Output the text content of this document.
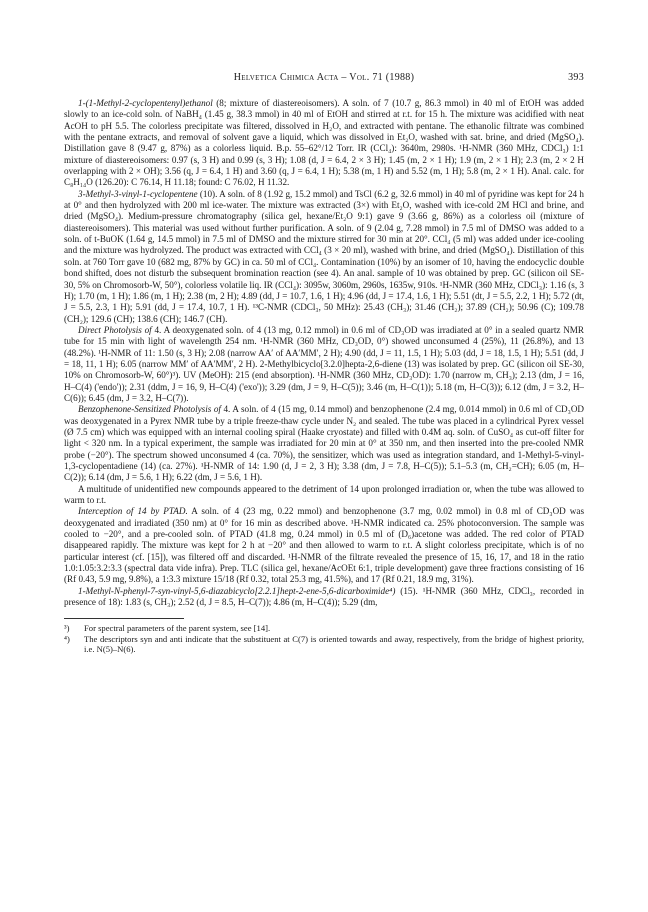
Helvetica Chimica Acta – Vol. 71 (1988)	393

1-(1-Methyl-2-cyclopentenyl)ethanol (8; mixture of diastereoisomers). A soln. of 7 (10.7 g, 86.3 mmol) in 40 ml of EtOH was added slowly to an ice-cold soln. of NaBH₄ (1.45 g, 38.3 mmol) in 40 ml of EtOH and stirred at r.t. for 15 h. The mixture was acidified with neat AcOH to pH 5.5. The colorless precipitate was filtered, dissolved in H₂O, and extracted with pentane. The ethanolic filtrate was combined with the pentane extracts, and removal of solvent gave a liquid, which was dissolved in Et₂O, washed with sat. brine, and dried (MgSO₄). Distillation gave 8 (9.47 g, 87%) as a colorless liquid. B.p. 55–62°/12 Torr. IR (CCl₄): 3640m, 2980s. ¹H-NMR (360 MHz, CDCl₃) 1:1 mixture of diastereoisomers: 0.97 (s, 3 H) and 0.99 (s, 3 H); 1.08 (d, J = 6.4, 2 × 3 H); 1.45 (m, 2 × 1 H); 1.9 (m, 2 × 1 H); 2.3 (m, 2 × 2 H overlapping with 2 × OH); 3.56 (q, J = 6.4, 1 H) and 3.60 (q, J = 6.4, 1 H); 5.38 (m, 1 H) and 5.52 (m, 1 H); 5.8 (m, 2 × 1 H). Anal. calc. for C₈H₁₄O (126.20): C 76.14, H 11.18; found: C 76.02, H 11.32.

3-Methyl-3-vinyl-1-cyclopentene (10). A soln. of 8 (1.92 g, 15.2 mmol) and TsCl (6.2 g, 32.6 mmol) in 40 ml of pyridine was kept for 24 h at 0° and then hydrolyzed with 200 ml ice-water. The mixture was extracted (3×) with Et₂O, washed with ice-cold 2M HCl and brine, and dried (MgSO₄). Medium-pressure chromatography (silica gel, hexane/Et₂O 9:1) gave 9 (3.66 g, 86%) as a colorless oil (mixture of diastereoisomers). This material was used without further purification. A soln. of 9 (2.04 g, 7.28 mmol) in 7.5 ml of DMSO was added to a soln. of t-BuOK (1.64 g, 14.5 mmol) in 7.5 ml of DMSO and the mixture stirred for 30 min at 20°. CCl₄ (5 ml) was added under ice-cooling and the mixture was hydrolyzed. The product was extracted with CCl₄ (3 × 20 ml), washed with brine, and dried (MgSO₄). Distillation of this soln. at 760 Torr gave 10 (682 mg, 87% by GC) in ca. 50 ml of CCl₄. Contamination (10%) by an isomer of 10, having the endocyclic double bond shifted, does not disturb the subsequent bromination reaction (see 4). An anal. sample of 10 was obtained by prep. GC (silicon oil SE-30, 5% on Chromosorb-W, 50°), colorless volatile liq. IR (CCl₄): 3095w, 3060m, 2960s, 1635w, 910s. ¹H-NMR (360 MHz, CDCl₃): 1.16 (s, 3 H); 1.70 (m, 1 H); 1.86 (m, 1 H); 2.38 (m, 2 H); 4.89 (dd, J = 10.7, 1.6, 1 H); 4.96 (dd, J = 17.4, 1.6, 1 H); 5.51 (dt, J = 5.5, 2.2, 1 H); 5.72 (dt, J = 5.5, 2.3, 1 H); 5.91 (dd, J = 17.4, 10.7, 1 H). ¹³C-NMR (CDCl₃, 50 MHz): 25.43 (CH₃); 31.46 (CH₂); 37.89 (CH₂); 50.96 (C); 109.78 (CH₂); 129.6 (CH); 138.6 (CH); 146.7 (CH).

Direct Photolysis of 4. A deoxygenated soln. of 4 (13 mg, 0.12 mmol) in 0.6 ml of CD₃OD was irradiated at 0° in a sealed quartz NMR tube for 15 min with light of wavelength 254 nm. ¹H-NMR (360 MHz, CD₃OD, 0°) showed unconsumed 4 (25%), 11 (26.8%), and 13 (48.2%). ¹H-NMR of 11: 1.50 (s, 3 H); 2.08 (narrow AA′ of AA′MM′, 2 H); 4.90 (dd, J = 11, 1.5, 1 H); 5.03 (dd, J = 18, 1.5, 1 H); 5.51 (dd, J = 18, 11, 1 H); 6.05 (narrow MM′ of AA′MM′, 2 H). 2-Methylbicyclo[3.2.0]hepta-2,6-diene (13) was isolated by prep. GC (silicon oil SE-30, 10% on Chromosorb-W, 60°)³). UV (MeOH): 215 (end absorption). ¹H-NMR (360 MHz, CD₃OD): 1.70 (narrow m, CH₃); 2.13 (dm, J = 16, H–C(4) ('endo')); 2.31 (ddm, J = 16, 9, H–C(4) ('exo')); 3.29 (dm, J = 9, H–C(5)); 3.46 (m, H–C(1)); 5.18 (m, H–C(3)); 6.12 (dm, J = 3.2, H–C(6)); 6.45 (dm, J = 3.2, H–C(7)).

Benzophenone-Sensitized Photolysis of 4. A soln. of 4 (15 mg, 0.14 mmol) and benzophenone (2.4 mg, 0.014 mmol) in 0.6 ml of CD₃OD was deoxygenated in a Pyrex NMR tube by a triple freeze-thaw cycle under N₂ and sealed. The tube was placed in a cylindrical Pyrex vessel (Ø 7.5 cm) which was equipped with an internal cooling spiral (Haake cryostate) and filled with 0.4M aq. soln. of CuSO₄ as cut-off filter for light < 320 nm. In a typical experiment, the sample was irradiated for 20 min at 0° at 350 nm, and then inserted into the pre-cooled NMR probe (−20°). The spectrum showed unconsumed 4 (ca. 70%), the sensitizer, which was used as integration standard, and 1-Methyl-5-vinyl-1,3-cyclopentadiene (14) (ca. 27%). ¹H-NMR of 14: 1.90 (d, J = 2, 3 H); 3.38 (dm, J = 7.8, H–C(5)); 5.1–5.3 (m, CH₂=CH); 6.05 (m, H–C(2)); 6.14 (dm, J = 5.6, 1 H); 6.22 (dm, J = 5.6, 1 H).

A multitude of unidentified new compounds appeared to the detriment of 14 upon prolonged irradiation or, when the tube was allowed to warm to r.t.

Interception of 14 by PTAD. A soln. of 4 (23 mg, 0.22 mmol) and benzophenone (3.7 mg, 0.02 mmol) in 0.8 ml of CD₃OD was deoxygenated and irradiated (350 nm) at 0° for 16 min as described above. ¹H-NMR indicated ca. 25% photoconversion. The sample was cooled to −20°, and a pre-cooled soln. of PTAD (41.8 mg, 0.24 mmol) in 0.5 ml of (D₆)acetone was added. The red color of PTAD disappeared rapidly. The mixture was kept for 2 h at −20° and then allowed to warm to r.t. A slight colorless precipitate, which is of no particular interest (cf. [15]), was filtered off and discarded. ¹H-NMR of the filtrate revealed the presence of 15, 16, 17, and 18 in the ratio 1.0:1.05:3.2:3.3 (spectral data vide infra). Prep. TLC (silica gel, hexane/AcOEt 6:1, triple development) gave three fractions consisting of 16 (Rf 0.43, 5.9 mg, 9.8%), a 1:3.3 mixture 15/18 (Rf 0.32, total 25.3 mg, 41.5%), and 17 (Rf 0.21, 18.9 mg, 31%).

1-Methyl-N-phenyl-7-syn-vinyl-5,6-diazabicyclo[2.2.1]hept-2-ene-5,6-dicarboximide⁴) (15). ¹H-NMR (360 MHz, CDCl₃, recorded in presence of 18): 1.83 (s, CH₃); 2.52 (d, J = 8.5, H–C(7)); 4.86 (m, H–C(4)); 5.29 (dm,

³)	For spectral parameters of the parent system, see [14].
⁴)	The descriptors syn and anti indicate that the substituent at C(7) is oriented towards and away, respectively, from the bridge of highest priority, i.e. N(5)–N(6).
